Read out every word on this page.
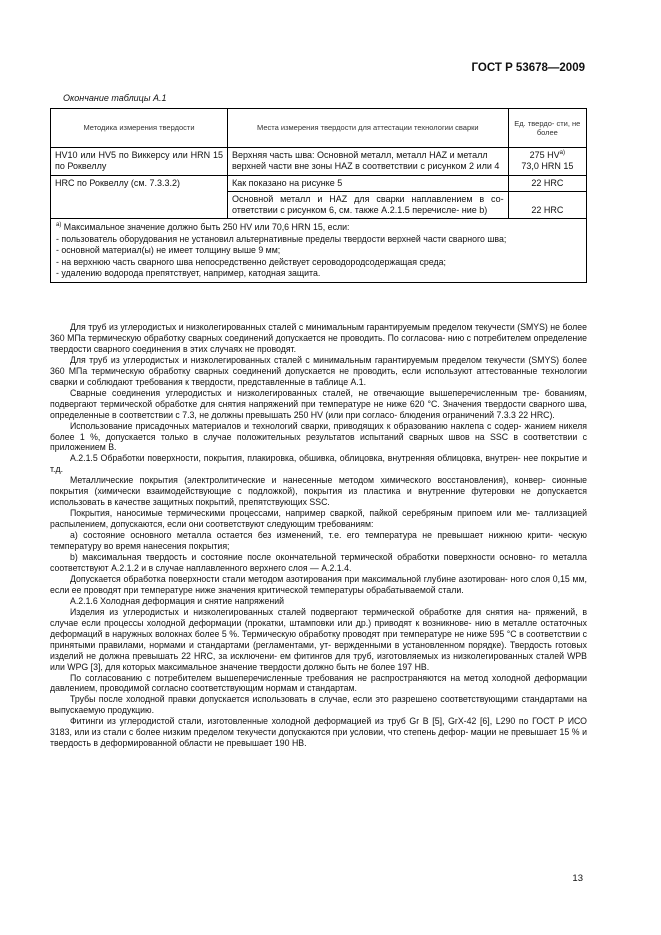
ГОСТ Р 53678—2009
Окончание таблицы А.1
Методика измерения твердости	Места измерения твердости для аттестации технологии сварки	Ед. твердо- сти, не более
HV10 или HV5 по Виккерсу или HRN 15 по Роквеллу	Верхняя часть шва: Основной металл, металл HAZ и металл верхней части вне зоны HAZ в соответствии с рисунком 2 или 4	275 HV$^{a)}$
73,0 HRN 15
HRC по Роквеллу (см. 7.3.3.2)	Как показано на рисунке 5	22 HRC
	Основной металл и HAZ для сварки наплавлением в со- ответствии с рисунком 6, см. также А.2.1.5 перечисле- ние b)	22 HRC

$^{a)}$ Максимальное значение должно быть 250 HV или 70,6 HRN 15, если:
- пользователь оборудования не установил альтернативные пределы твердости верхней части сварного шва;
- основной материал(ы) не имеет толщину выше 9 мм;
- на верхнюю часть сварного шва непосредственно действует сероводородсодержащая среда;
- удалению водорода препятствует, например, катодная защита.		

Для труб из углеродистых и низколегированных сталей с минимальным гарантируемым пределом текучести (SMYS) не более 360 МПа термическую обработку сварных соединений допускается не проводить. По согласова- нию с потребителем определение твердости сварного соединения в этих случаях не проводят.

Для труб из углеродистых и низколегированных сталей с минимальным гарантируемым пределом текучести (SMYS) более 360 МПа термическую обработку сварных соединений допускается не проводить, если используют аттестованные технологии сварки и соблюдают требования к твердости, представленные в таблице А.1.

Сварные соединения углеродистых и низколегированных сталей, не отвечающие вышеперечисленным тре- бованиям, подвергают термической обработке для снятия напряжений при температуре не ниже 620 °С. Значения твердости сварного шва, определенные в соответствии с 7.3, не должны превышать 250 HV (или при согласо- блюдения ограничений 7.3.3 22 HRC).

Использование присадочных материалов и технологий сварки, приводящих к образованию наклепа с содер- жанием никеля более 1 %, допускается только в случае положительных результатов испытаний сварных швов на SSC в соответствии с приложением В.

А.2.1.5 Обработки поверхности, покрытия, плакировка, обшивка, облицовка, внутренняя облицовка, внутрен- нее покрытие и т.д.

Металлические покрытия (электролитические и нанесенные методом химического восстановления), конвер- сионные покрытия (химически взаимодействующие с подложкой), покрытия из пластика и внутренние футеровки не допускается использовать в качестве защитных покрытий, препятствующих SSC.

Покрытия, наносимые термическими процессами, например сваркой, пайкой серебряным припоем или ме- таллизацией распылением, допускаются, если они соответствуют следующим требованиям:

a) состояние основного металла остается без изменений, т.е. его температура не превышает нижнюю крити- ческую температуру во время нанесения покрытия;

b) максимальная твердость и состояние после окончательной термической обработки поверхности основно- го металла соответствуют А.2.1.2 и в случае наплавленного верхнего слоя — А.2.1.4.

Допускается обработка поверхности стали методом азотирования при максимальной глубине азотирован- ного слоя 0,15 мм, если ее проводят при температуре ниже значения критической температуры обрабатываемой стали.

А.2.1.6 Холодная деформация и снятие напряжений

Изделия из углеродистых и низколегированных сталей подвергают термической обработке для снятия на- пряжений, в случае если процессы холодной деформации (прокатки, штамповки или др.) приводят к возникнове- нию в металле остаточных деформаций в наружных волокнах более 5 %. Термическую обработку проводят при температуре не ниже 595 °С в соответствии с принятыми правилами, нормами и стандартами (регламентами, ут- вержденными в установленном порядке). Твердость готовых изделий не должна превышать 22 HRC, за исключени- ем фитингов для труб, изготовляемых из низколегированных сталей WPB или WPG [3], для которых максимальное значение твердости должно быть не более 197 HB.

По согласованию с потребителем вышеперечисленные требования не распространяются на метод холодной деформации давлением, проводимой согласно соответствующим нормам и стандартам.

Трубы после холодной правки допускается использовать в случае, если это разрешено соответствующими стандартами на выпускаемую продукцию.

Фитинги из углеродистой стали, изготовленные холодной деформацией из труб Gr B [5], GrX-42 [6], L290 по ГОСТ Р ИСО 3183, или из стали с более низким пределом текучести допускаются при условии, что степень дефор- мации не превышает 15 % и твердость в деформированной области не превышает 190 HB.

13
